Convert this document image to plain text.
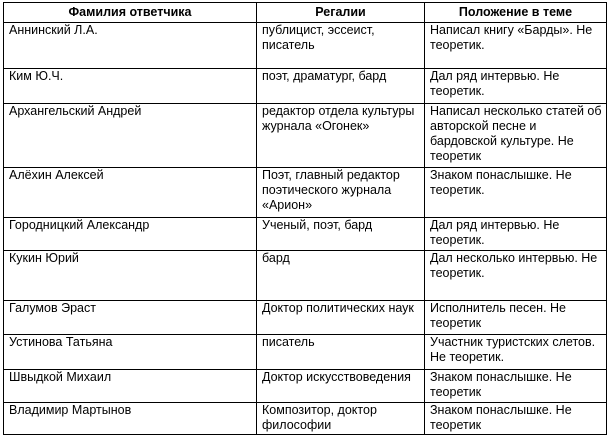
Фамилия ответчика	Регалии	Положение в теме
Аннинский Л.А.	публицист, эссеист, писатель	Написал книгу «Барды». Не теоретик.
Ким Ю.Ч.	поэт, драматург, бард	Дал ряд интервью. Не теоретик.
Архангельский Андрей	редактор отдела культуры журнала «Огонек»	Написал несколько статей об авторской песне и бардовской культуре. Не теоретик
Алёхин Алексей	Поэт, главный редактор поэтического журнала «Арион»	Знаком понаслышке. Не теоретик.
Городницкий Александр	Ученый, поэт, бард	Дал ряд интервью. Не теоретик.
Кукин Юрий	бард	Дал несколько интервью. Не теоретик.
Галумов Эраст	Доктор политических наук	Исполнитель песен. Не теоретик
Устинова Татьяна	писатель	Участник туристских слетов. Не теоретик.
Швыдкой Михаил	Доктор искусствоведения	Знаком понаслышке. Не теоретик
Владимир Мартынов	Композитор, доктор философии	Знаком понаслышке. Не теоретик
